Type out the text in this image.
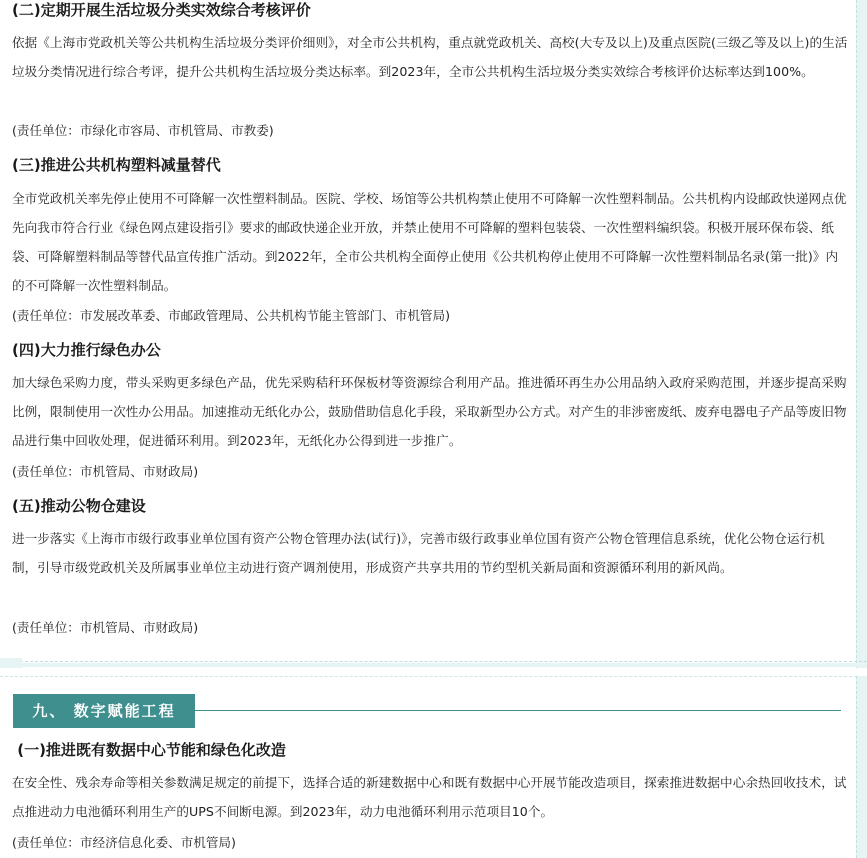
(二)定期开展生活垃圾分类实效综合考核评价
依据《上海市党政机关等公共机构生活垃圾分类评价细则》，对全市公共机构，重点就党政机关、高校(大专及以上)及重点医院(三级乙等及以上)的生活垃圾分类情况进行综合考评，提升公共机构生活垃圾分类达标率。到2023年，全市公共机构生活垃圾分类实效综合考核评价达标率达到100%。
(责任单位：市绿化市容局、市机管局、市教委)
(三)推进公共机构塑料减量替代
全市党政机关率先停止使用不可降解一次性塑料制品。医院、学校、场馆等公共机构禁止使用不可降解一次性塑料制品。公共机构内设邮政快递网点优先向我市符合行业《绿色网点建设指引》要求的邮政快递企业开放，并禁止使用不可降解的塑料包装袋、一次性塑料编织袋。积极开展环保布袋、纸袋、可降解塑料制品等替代品宣传推广活动。到2022年，全市公共机构全面停止使用《公共机构停止使用不可降解一次性塑料制品名录(第一批)》内的不可降解一次性塑料制品。
(责任单位：市发展改革委、市邮政管理局、公共机构节能主管部门、市机管局)
(四)大力推行绿色办公
加大绿色采购力度，带头采购更多绿色产品，优先采购秸秆环保板材等资源综合利用产品。推进循环再生办公用品纳入政府采购范围，并逐步提高采购比例，限制使用一次性办公用品。加速推动无纸化办公，鼓励借助信息化手段，采取新型办公方式。对产生的非涉密废纸、废弃电器电子产品等废旧物品进行集中回收处理，促进循环利用。到2023年，无纸化办公得到进一步推广。
(责任单位：市机管局、市财政局)
(五)推动公物仓建设
进一步落实《上海市市级行政事业单位国有资产公物仓管理办法(试行)》，完善市级行政事业单位国有资产公物仓管理信息系统，优化公物仓运行机制，引导市级党政机关及所属事业单位主动进行资产调剂使用，形成资产共享共用的节约型机关新局面和资源循环利用的新风尚。
(责任单位：市机管局、市财政局)
九、 数字赋能工程
(一)推进既有数据中心节能和绿色化改造
在安全性、残余寿命等相关参数满足规定的前提下，选择合适的新建数据中心和既有数据中心开展节能改造项目，探索推进数据中心余热回收技术，试点推进动力电池循环利用生产的UPS不间断电源。到2023年，动力电池循环利用示范项目10个。
(责任单位：市经济信息化委、市机管局)
